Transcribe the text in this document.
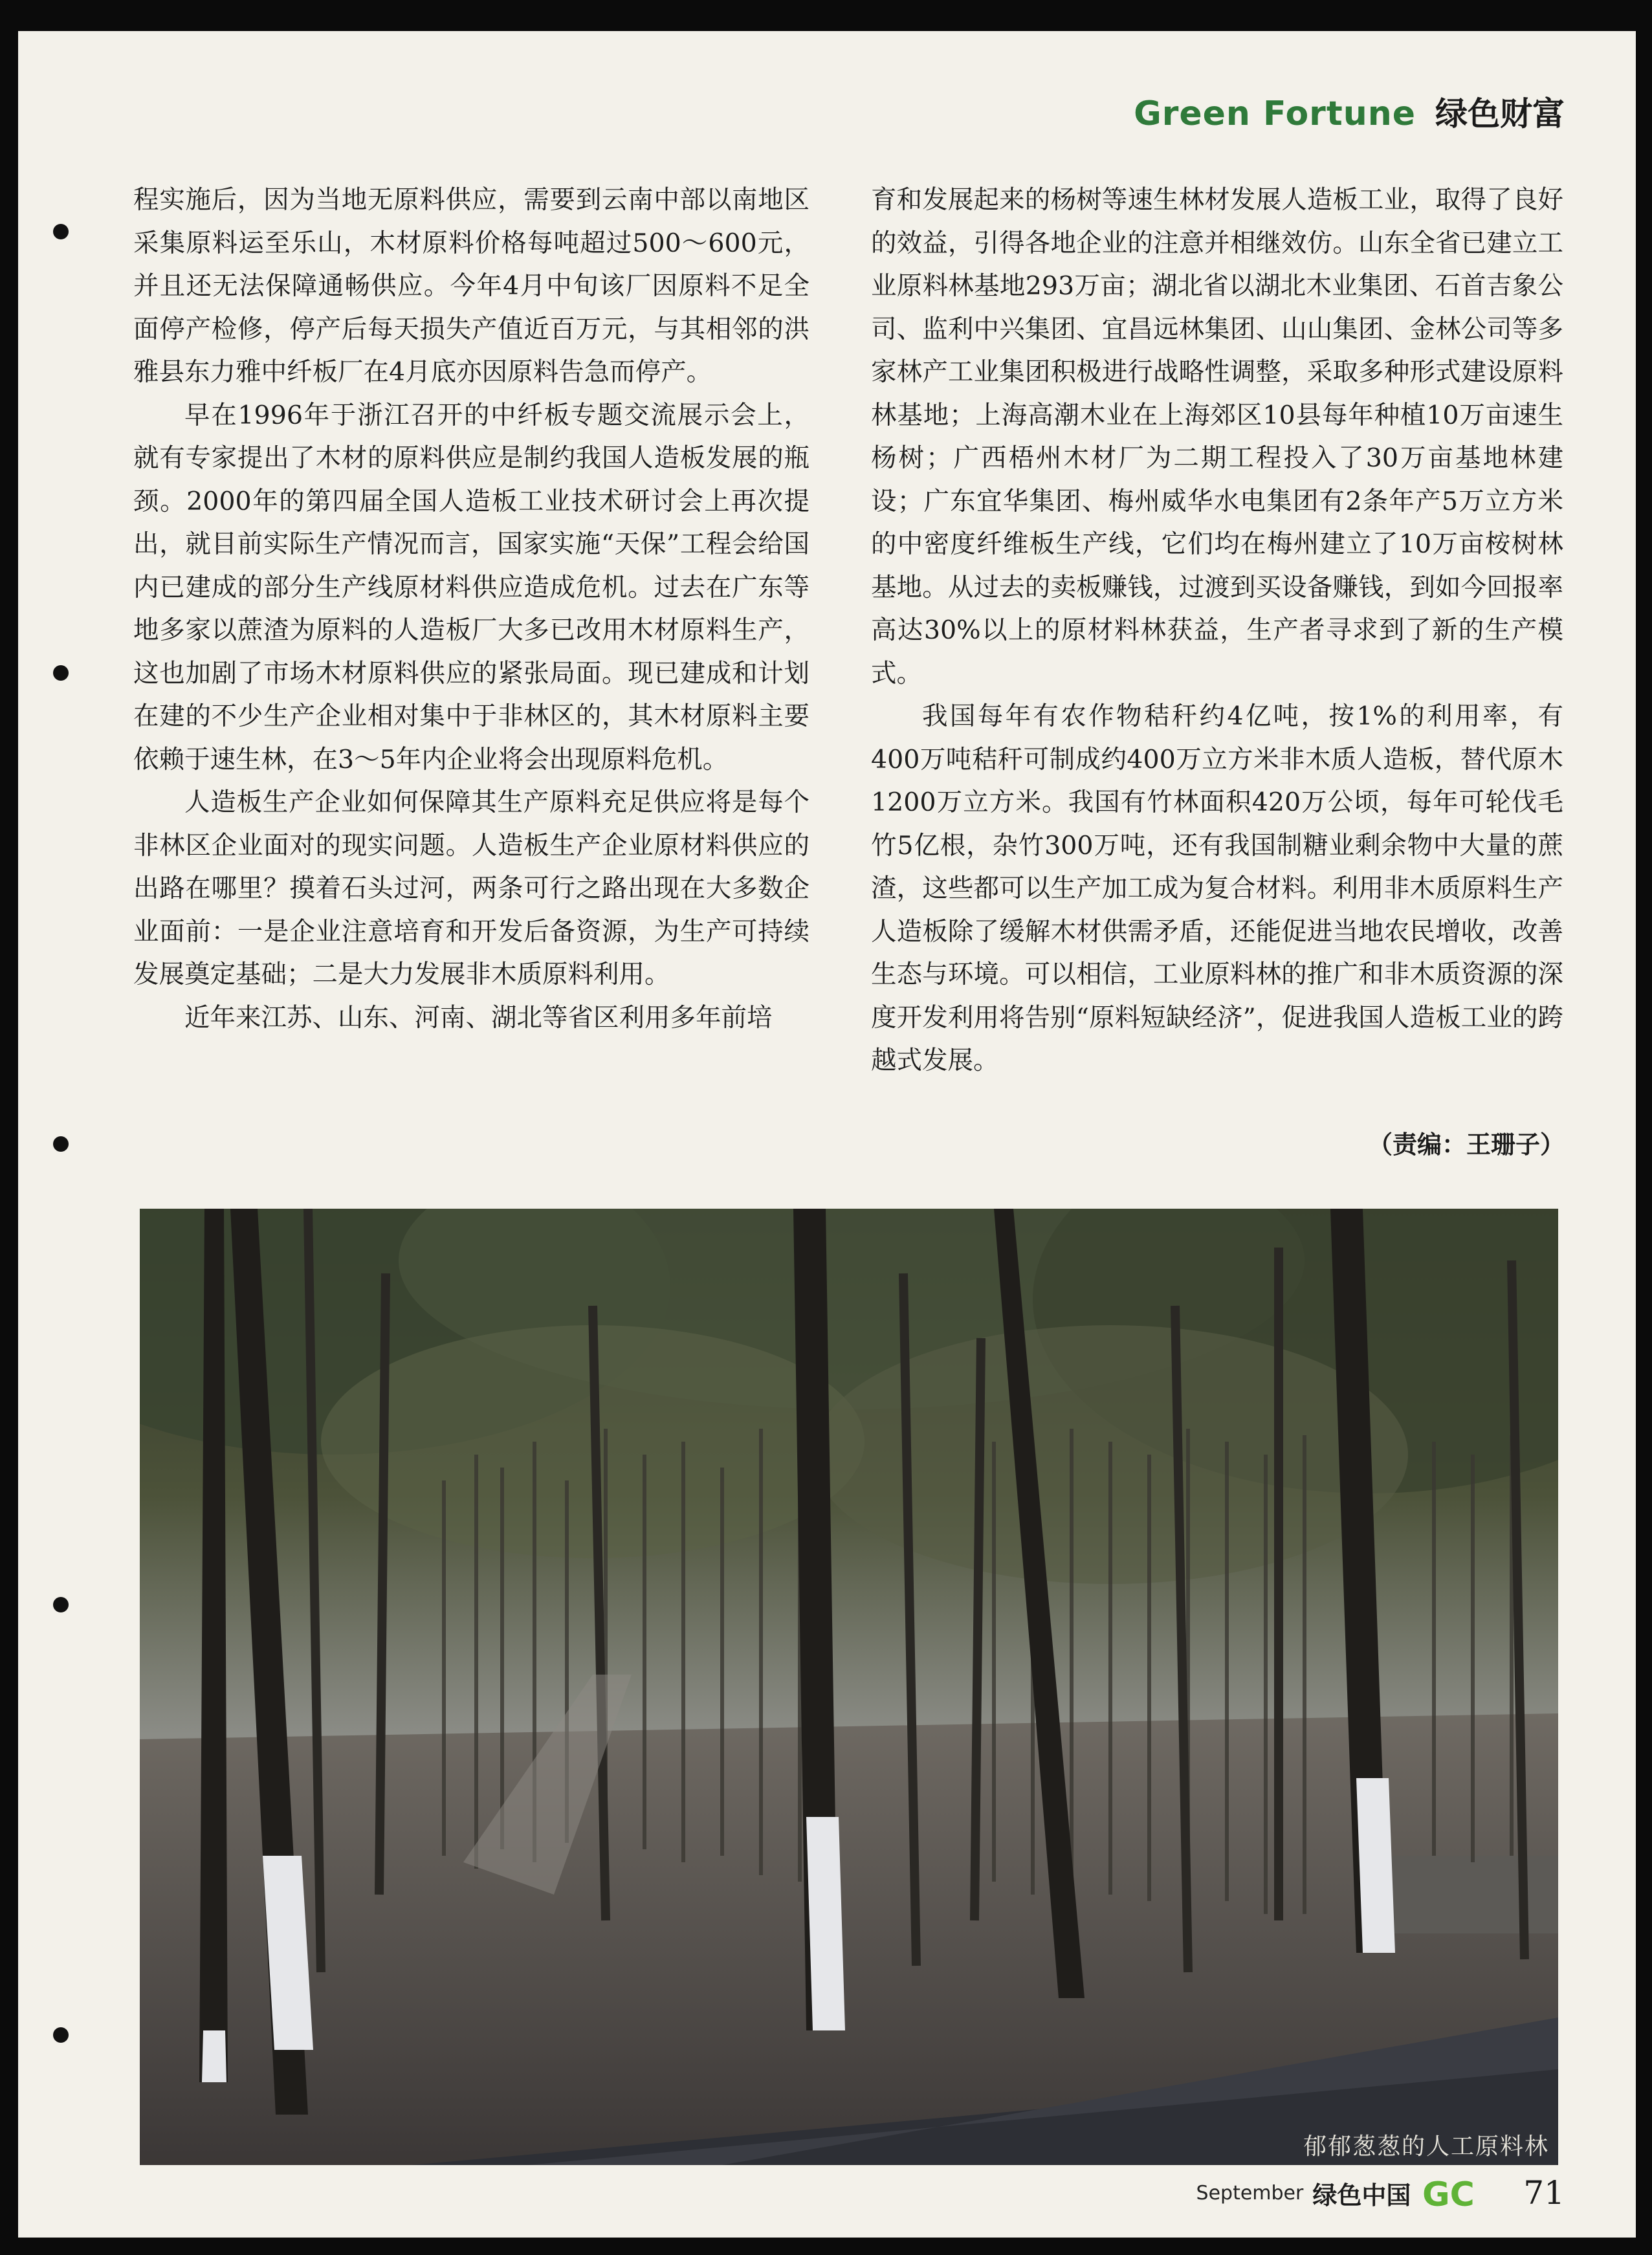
Green Fortune 绿色财富

程实施后，因为当地无原料供应，需要到云南中部以南地区采集原料运至乐山，木材原料价格每吨超过500～600元，并且还无法保障通畅供应。今年4月中旬该厂因原料不足全面停产检修，停产后每天损失产值近百万元，与其相邻的洪雅县东力雅中纤板厂在4月底亦因原料告急而停产。

早在1996年于浙江召开的中纤板专题交流展示会上，就有专家提出了木材的原料供应是制约我国人造板发展的瓶颈。2000年的第四届全国人造板工业技术研讨会上再次提出，就目前实际生产情况而言，国家实施“天保”工程会给国内已建成的部分生产线原材料供应造成危机。过去在广东等地多家以蔗渣为原料的人造板厂大多已改用木材原料生产，这也加剧了市场木材原料供应的紧张局面。现已建成和计划在建的不少生产企业相对集中于非林区的，其木材原料主要依赖于速生林，在3～5年内企业将会出现原料危机。

人造板生产企业如何保障其生产原料充足供应将是每个非林区企业面对的现实问题。人造板生产企业原材料供应的出路在哪里？摸着石头过河，两条可行之路出现在大多数企业面前：一是企业注意培育和开发后备资源，为生产可持续发展奠定基础；二是大力发展非木质原料利用。

近年来江苏、山东、河南、湖北等省区利用多年前培

育和发展起来的杨树等速生林材发展人造板工业，取得了良好的效益，引得各地企业的注意并相继效仿。山东全省已建立工业原料林基地293万亩；湖北省以湖北木业集团、石首吉象公司、监利中兴集团、宜昌远林集团、山山集团、金林公司等多家林产工业集团积极进行战略性调整，采取多种形式建设原料林基地；上海高潮木业在上海郊区10县每年种植10万亩速生杨树；广西梧州木材厂为二期工程投入了30万亩基地林建设；广东宜华集团、梅州威华水电集团有2条年产5万立方米的中密度纤维板生产线，它们均在梅州建立了10万亩桉树林基地。从过去的卖板赚钱，过渡到买设备赚钱，到如今回报率高达30%以上的原材料林获益，生产者寻求到了新的生产模式。

我国每年有农作物秸秆约4亿吨，按1%的利用率，有400万吨秸秆可制成约400万立方米非木质人造板，替代原木1200万立方米。我国有竹林面积420万公顷，每年可轮伐毛竹5亿根，杂竹300万吨，还有我国制糖业剩余物中大量的蔗渣，这些都可以生产加工成为复合材料。利用非木质原料生产人造板除了缓解木材供需矛盾，还能促进当地农民增收，改善生态与环境。可以相信，工业原料林的推广和非木质资源的深度开发利用将告别“原料短缺经济”，促进我国人造板工业的跨越式发展。

（责编：王珊子）
郁郁葱葱的人工原料林
September 绿色中国 GC 71
